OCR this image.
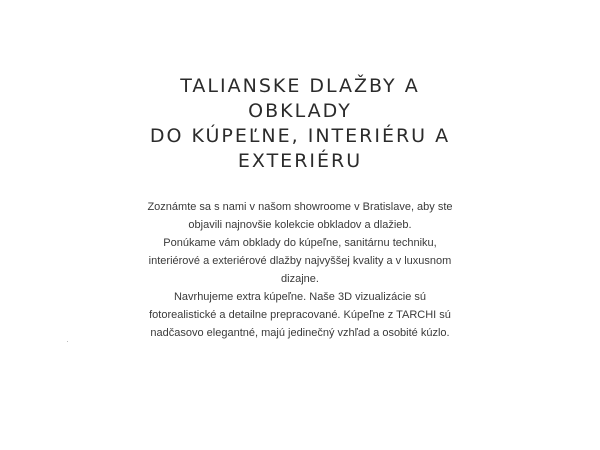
TALIANSKE DLAŽBY A OBKLADY
DO KÚPEĽNE, INTERIÉRU A
EXTERIÉRU

Zoznámte sa s nami v našom showroome v Bratislave, aby ste objavili najnovšie kolekcie obkladov a dlažieb.

Ponúkame vám obklady do kúpeľne, sanitárnu techniku, interiérové a exteriérové dlažby najvyššej kvality a v luxusnom dizajne.

Navrhujeme extra kúpeľne. Naše 3D vizualizácie sú fotorealistické a detailne prepracované. Kúpeľne z TARCHI sú nadčasovo elegantné, majú jedinečný vzhľad a osobité kúzlo.
